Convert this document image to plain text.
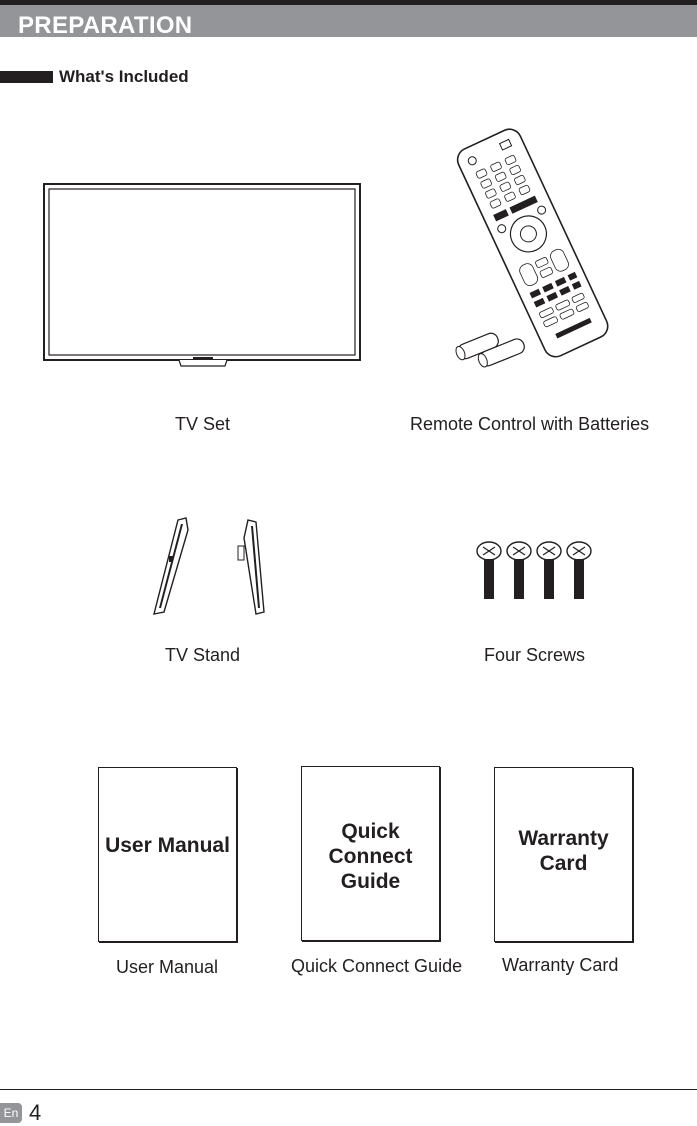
PREPARATION
What's Included
TV Set	Remote Control with Batteries
TV Stand	Four Screws
User Manual
Quick
Connect
Guide
Warranty
Card
User Manual	Quick Connect Guide Warranty Card
En 4
